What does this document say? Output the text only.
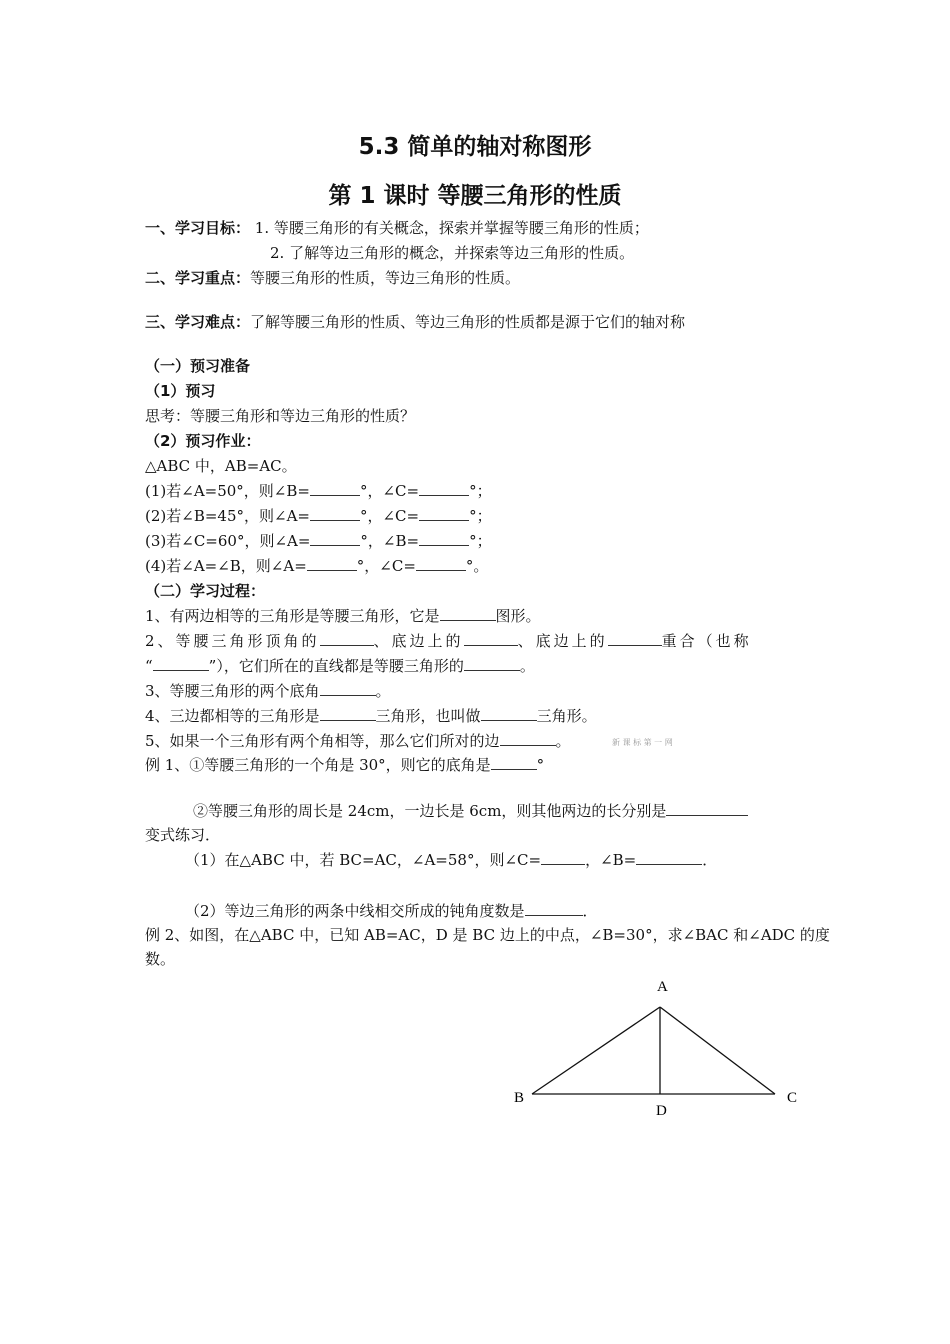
5.3 简单的轴对称图形
第 1 课时 等腰三角形的性质
一、学习目标： 1. 等腰三角形的有关概念，探索并掌握等腰三角形的性质；
2. 了解等边三角形的概念，并探索等边三角形的性质。
二、学习重点：等腰三角形的性质，等边三角形的性质。
三、学习难点：了解等腰三角形的性质、等边三角形的性质都是源于它们的轴对称
（一）预习准备
（1）预习
思考：等腰三角形和等边三角形的性质？
（2）预习作业：
△ABC 中，AB=AC。
(1)若∠A=50°，则∠B=	°，∠C=	°；
(2)若∠B=45°，则∠A=	°，∠C=	°；
(3)若∠C=60°，则∠A=	°，∠B=	°；
(4)若∠A=∠B，则∠A=	°，∠C=	°。
（二）学习过程：
1、有两边相等的三角形是等腰三角形，它是	图形。
2、等腰三角形顶角的	、底边上的	、底边上的	重合（也称
“	”），它们所在的直线都是等腰三角形的	。
3、等腰三角形的两个底角	。
4、三边都相等的三角形是	三角形，也叫做	三角形。
5、如果一个三角形有两个角相等，那么它们所对的边	。	新 课 标 第 一 网
例 1、①等腰三角形的一个角是 30°，则它的底角是	°
②等腰三角形的周长是 24cm，一边长是 6cm，则其他两边的长分别是
变式练习．
（1）在△ABC 中，若 BC=AC，∠A=58°，则∠C=	，∠B=	．
（2）等边三角形的两条中线相交所成的钝角度数是	．
例 2、如图，在△ABC 中，已知 AB=AC，D 是 BC 边上的中点，∠B=30°，求∠BAC 和∠ADC 的度
数。
A
B	C
D
